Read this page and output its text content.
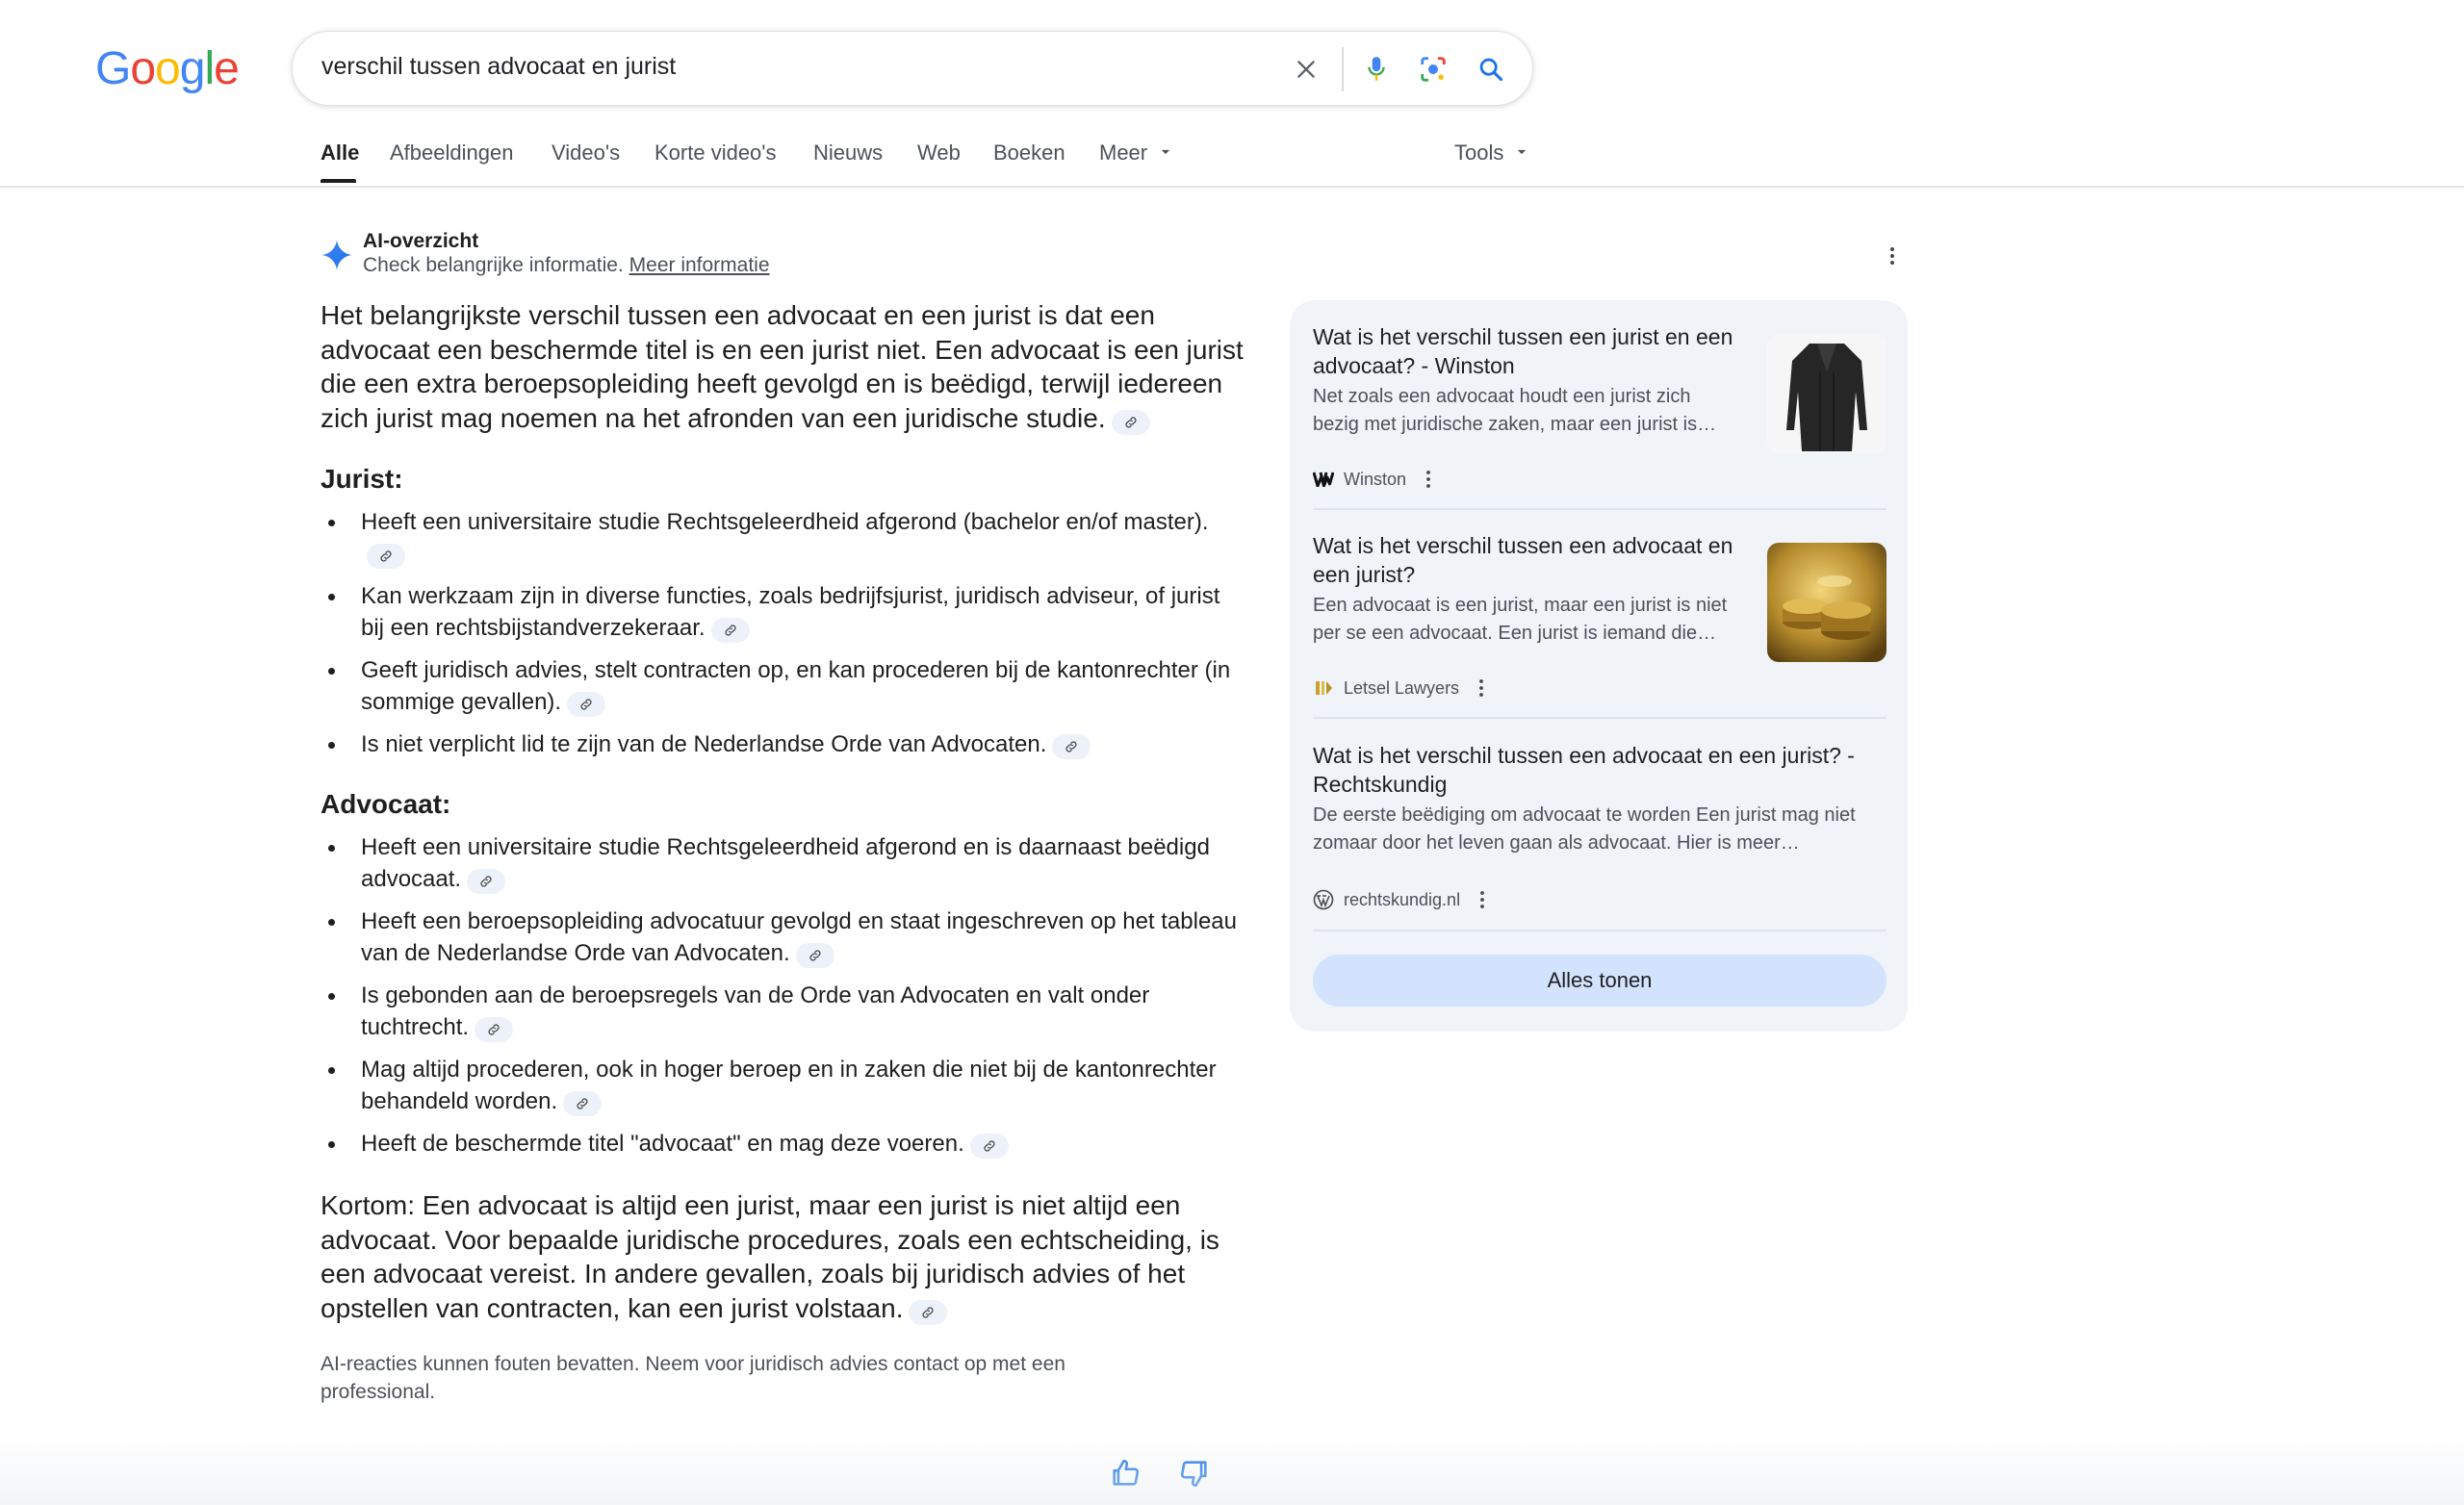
Google	verschil tussen advocaat en jurist
Alle Afbeeldingen Video's Korte video's Nieuws Web Boeken Meer	Tools
AI-overzicht
Check belangrijke informatie. Meer informatie

Het belangrijkste verschil tussen een advocaat en een jurist is dat een advocaat een beschermde titel is en een jurist niet. Een advocaat is een jurist die een extra beroepsopleiding heeft gevolgd en is beëdigd, terwijl iedereen zich jurist mag noemen na het afronden van een juridische studie.

Jurist:
Heeft een universitaire studie Rechtsgeleerdheid afgerond (bachelor en/of master).
Kan werkzaam zijn in diverse functies, zoals bedrijfsjurist, juridisch adviseur, of jurist bij een rechtsbijstandverzekeraar.
Geeft juridisch advies, stelt contracten op, en kan procederen bij de kantonrechter (in sommige gevallen).
Is niet verplicht lid te zijn van de Nederlandse Orde van Advocaten.
Advocaat:
Heeft een universitaire studie Rechtsgeleerdheid afgerond en is daarnaast beëdigd advocaat.
Heeft een beroepsopleiding advocatuur gevolgd en staat ingeschreven op het tableau van de Nederlandse Orde van Advocaten.
Is gebonden aan de beroepsregels van de Orde van Advocaten en valt onder tuchtrecht.
Mag altijd procederen, ook in hoger beroep en in zaken die niet bij de kantonrechter behandeld worden.
Heeft de beschermde titel "advocaat" en mag deze voeren.

Kortom: Een advocaat is altijd een jurist, maar een jurist is niet altijd een advocaat. Voor bepaalde juridische procedures, zoals een echtscheiding, is een advocaat vereist. In andere gevallen, zoals bij juridisch advies of het opstellen van contracten, kan een jurist volstaan.

AI-reacties kunnen fouten bevatten. Neem voor juridisch advies contact op met een professional.

Wat is het verschil tussen een jurist en een advocaat? - Winston
Net zoals een advocaat houdt een jurist zich bezig met juridische zaken, maar een jurist is…
Winston
Wat is het verschil tussen een advocaat en een jurist?
Een advocaat is een jurist, maar een jurist is niet per se een advocaat. Een jurist is iemand die…
Letsel Lawyers
Wat is het verschil tussen een advocaat en een jurist? - Rechtskundig
De eerste beëdiging om advocaat te worden Een jurist mag niet zomaar door het leven gaan als advocaat. Hier is meer…
rechtskundig.nl
Alles tonen
